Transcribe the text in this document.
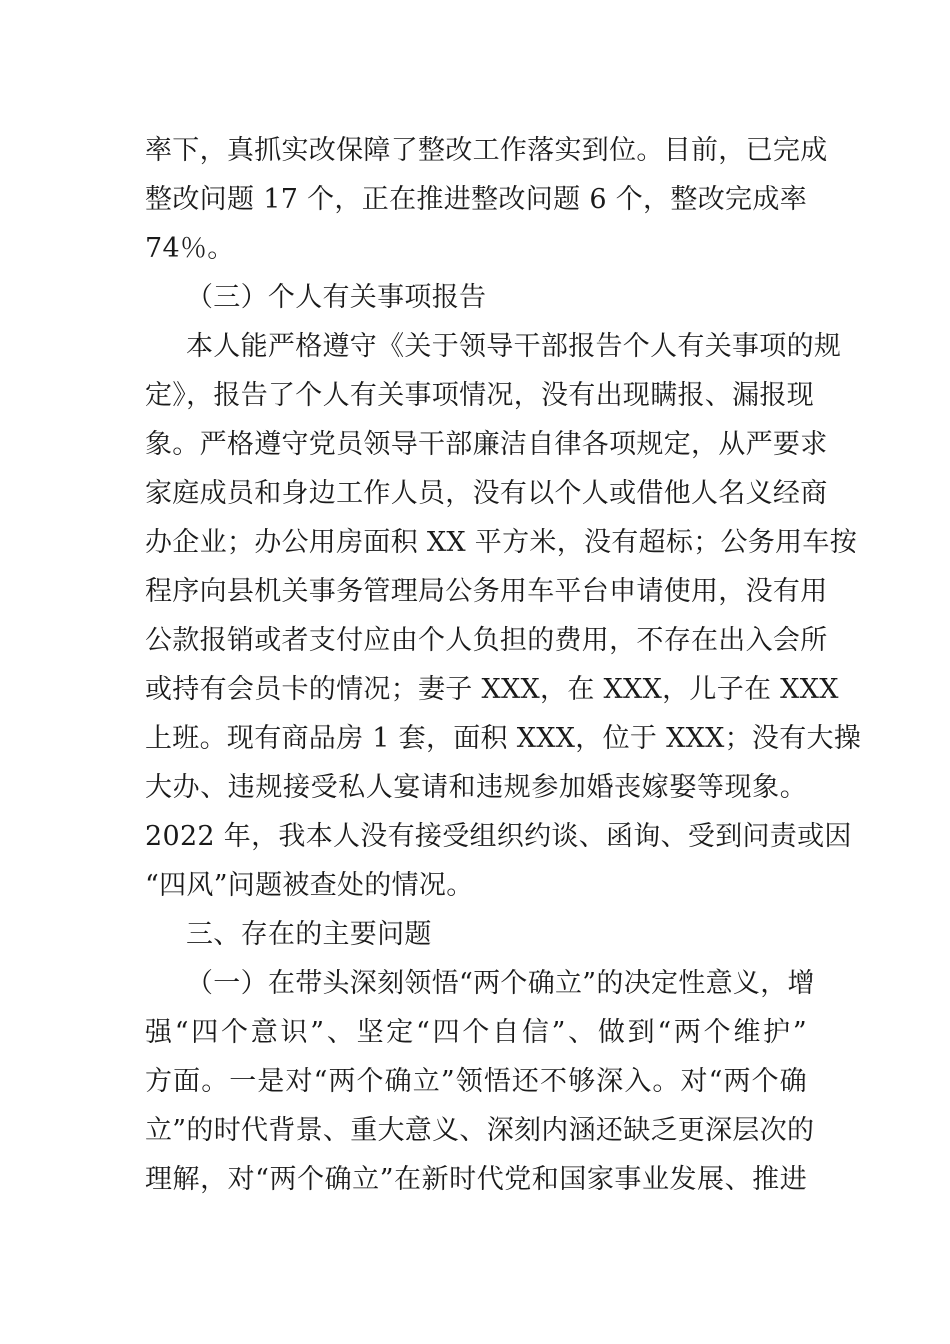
率下，真抓实改保障了整改工作落实到位。目前，已完成
整改问题 17 个，正在推进整改问题 6 个，整改完成率
74％。
（三）个人有关事项报告
本人能严格遵守《关于领导干部报告个人有关事项的规
定》，报告了个人有关事项情况，没有出现瞒报、漏报现
象。严格遵守党员领导干部廉洁自律各项规定，从严要求
家庭成员和身边工作人员，没有以个人或借他人名义经商
办企业；办公用房面积 XX 平方米，没有超标；公务用车按
程序向县机关事务管理局公务用车平台申请使用，没有用
公款报销或者支付应由个人负担的费用，不存在出入会所
或持有会员卡的情况；妻子 XXX，在 XXX，儿子在 XXX
上班。现有商品房 1 套，面积 XXX，位于 XXX；没有大操
大办、违规接受私人宴请和违规参加婚丧嫁娶等现象。
2022 年，我本人没有接受组织约谈、函询、受到问责或因
“四风”问题被查处的情况。
三、存在的主要问题
（一）在带头深刻领悟“两个确立”的决定性意义，增
强“四个意识”、坚定“四个自信”、做到“两个维护”
方面。一是对“两个确立”领悟还不够深入。对“两个确
立”的时代背景、重大意义、深刻内涵还缺乏更深层次的
理解，对“两个确立”在新时代党和国家事业发展、推进
